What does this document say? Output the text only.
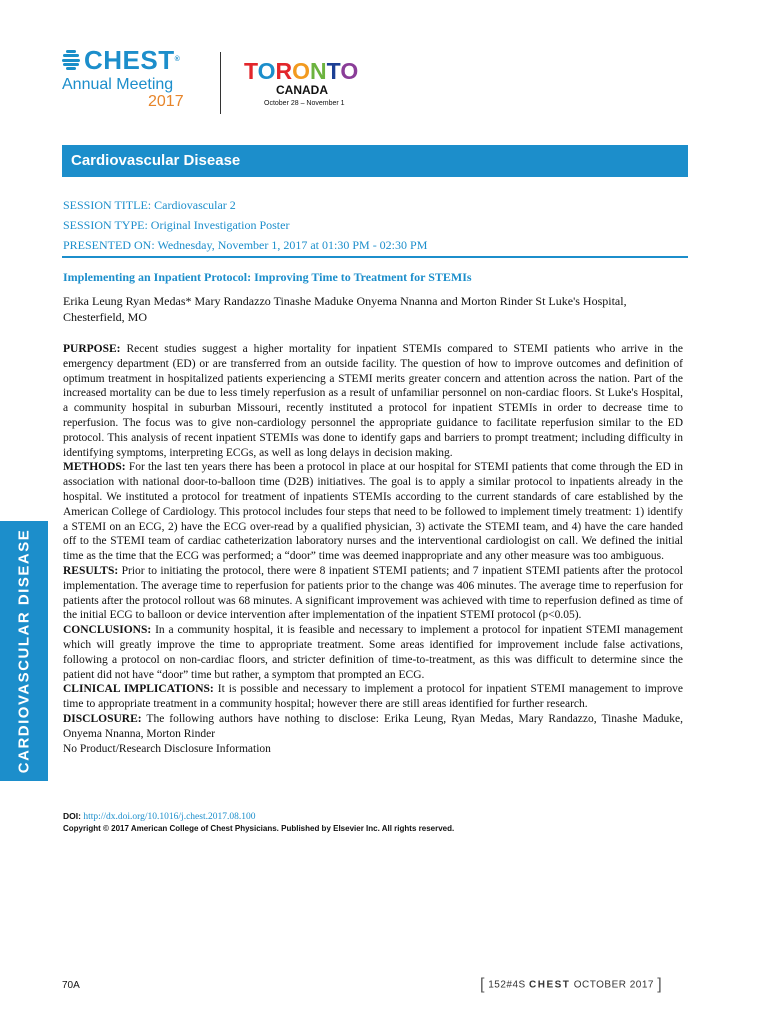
CHEST®
Annual Meeting
2017
TORONTO
CANADA
October 28 – November 1
Cardiovascular Disease
SESSION TITLE: Cardiovascular 2
SESSION TYPE: Original Investigation Poster
PRESENTED ON: Wednesday, November 1, 2017 at 01:30 PM - 02:30 PM
Implementing an Inpatient Protocol: Improving Time to Treatment for STEMIs
Erika Leung Ryan Medas* Mary Randazzo Tinashe Maduke Onyema Nnanna and Morton Rinder St Luke's Hospital, Chesterfield, MO

PURPOSE: Recent studies suggest a higher mortality for inpatient STEMIs compared to STEMI patients who arrive in the emergency department (ED) or are transferred from an outside facility. The question of how to improve outcomes and definition of optimum treatment in hospitalized patients experiencing a STEMI merits greater concern and attention across the nation. Part of the increased mortality can be due to less timely reperfusion as a result of unfamiliar personnel on non-cardiac floors. St Luke's Hospital, a community hospital in suburban Missouri, recently instituted a protocol for inpatient STEMIs in order to decrease time to reperfusion. The focus was to give non-cardiology personnel the appropriate guidance to facilitate reperfusion similar to the ED protocol. This analysis of recent inpatient STEMIs was done to identify gaps and barriers to prompt treatment; including difficulty in identifying symptoms, interpreting ECGs, as well as long delays in decision making.

METHODS: For the last ten years there has been a protocol in place at our hospital for STEMI patients that come through the ED in association with national door-to-balloon time (D2B) initiatives. The goal is to apply a similar protocol to inpatients already in the hospital. We instituted a protocol for treatment of inpatients STEMIs according to the current standards of care established by the American College of Cardiology. This protocol includes four steps that need to be followed to implement timely treatment: 1) identify a STEMI on an ECG, 2) have the ECG over-read by a qualified physician, 3) activate the STEMI team, and 4) have the care handed off to the STEMI team of cardiac catheterization laboratory nurses and the interventional cardiologist on call. We defined the initial time as the time that the ECG was performed; a “door” time was deemed inappropriate and any other measure was too ambiguous.

RESULTS: Prior to initiating the protocol, there were 8 inpatient STEMI patients; and 7 inpatient STEMI patients after the protocol implementation. The average time to reperfusion for patients prior to the change was 406 minutes. The average time to reperfusion for patients after the protocol rollout was 68 minutes. A significant improvement was achieved with time to reperfusion defined as time of the initial ECG to balloon or device intervention after implementation of the inpatient STEMI protocol (p<0.05).

CONCLUSIONS: In a community hospital, it is feasible and necessary to implement a protocol for inpatient STEMI management which will greatly improve the time to appropriate treatment. Some areas identified for improvement include false activations, following a protocol on non-cardiac floors, and stricter definition of time-to-treatment, as this was difficult to determine since the patient did not have “door” time but rather, a symptom that prompted an ECG.

CLINICAL IMPLICATIONS: It is possible and necessary to implement a protocol for inpatient STEMI management to improve time to appropriate treatment in a community hospital; however there are still areas identified for further research.

DISCLOSURE: The following authors have nothing to disclose: Erika Leung, Ryan Medas, Mary Randazzo, Tinashe Maduke, Onyema Nnanna, Morton Rinder

No Product/Research Disclosure Information

DOI: http://dx.doi.org/10.1016/j.chest.2017.08.100
Copyright © 2017 American College of Chest Physicians. Published by Elsevier Inc. All rights reserved.
CARDIOVASCULAR DISEASE
70A	[ 152#4S CHEST OCTOBER 2017 ]
